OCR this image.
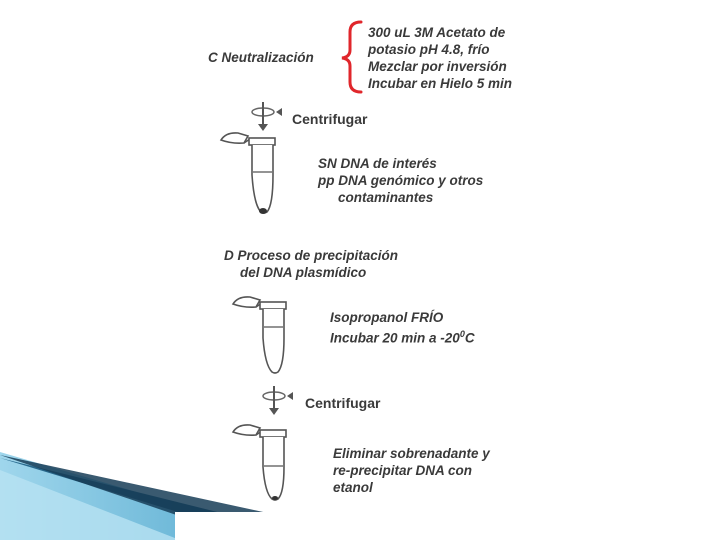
C Neutralización
300 uL 3M Acetato de
potasio pH 4.8, frío
Mezclar por inversión
Incubar en Hielo 5 min
Centrifugar
SN DNA de interés
pp DNA genómico y otros
contaminantes
D Proceso de precipitación
del DNA plasmídico
Isopropanol FRÍO
Incubar 20 min a $-20^0C$
Centrifugar
Eliminar sobrenadante y
re-precipitar DNA con
etanol
